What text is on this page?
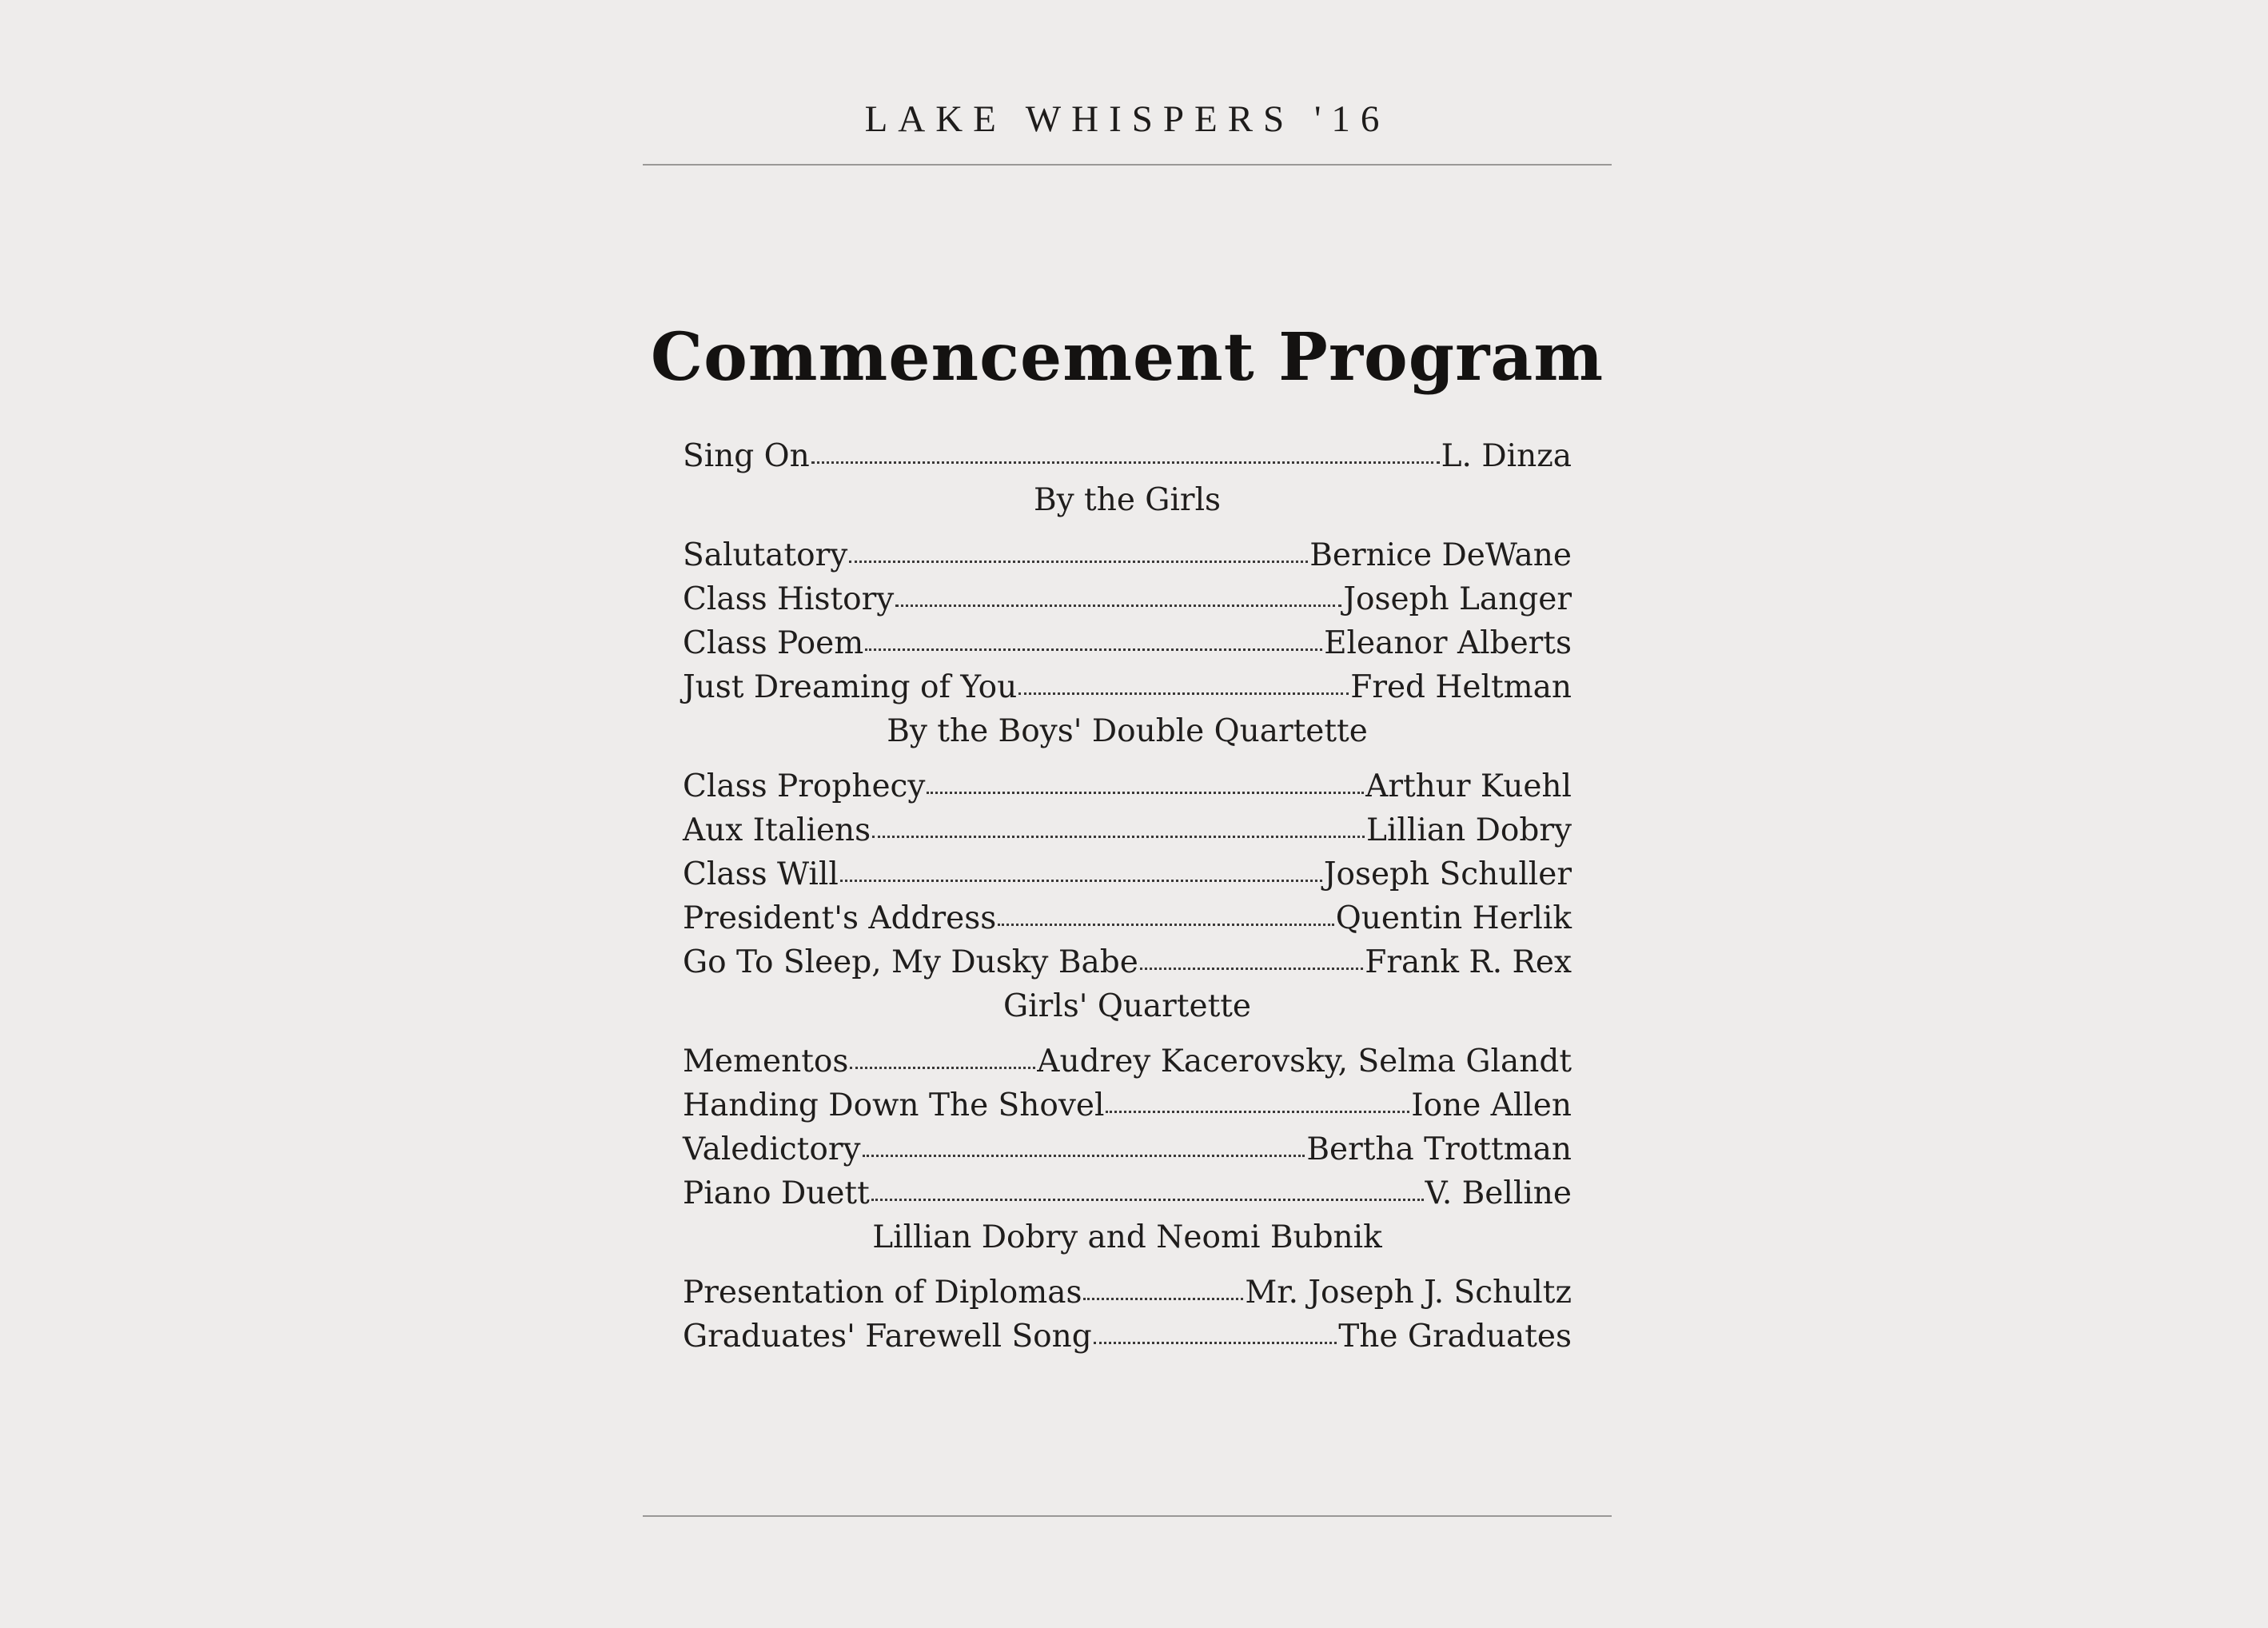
LAKE WHISPERS '16
Commencement Program
Sing On	L. Dinza
By the Girls
Salutatory	Bernice DeWane
Class History	Joseph Langer
Class Poem	Eleanor Alberts
Just Dreaming of You	Fred Heltman
By the Boys' Double Quartette
Class Prophecy	Arthur Kuehl
Aux Italiens	Lillian Dobry
Class Will	Joseph Schuller
President's Address	Quentin Herlik
Go To Sleep, My Dusky Babe	Frank R. Rex
Girls' Quartette
Mementos	Audrey Kacerovsky, Selma Glandt
Handing Down The Shovel	Ione Allen
Valedictory	Bertha Trottman
Piano Duett	V. Belline
Lillian Dobry and Neomi Bubnik
Presentation of Diplomas	Mr. Joseph J. Schultz
Graduates' Farewell Song	The Graduates
